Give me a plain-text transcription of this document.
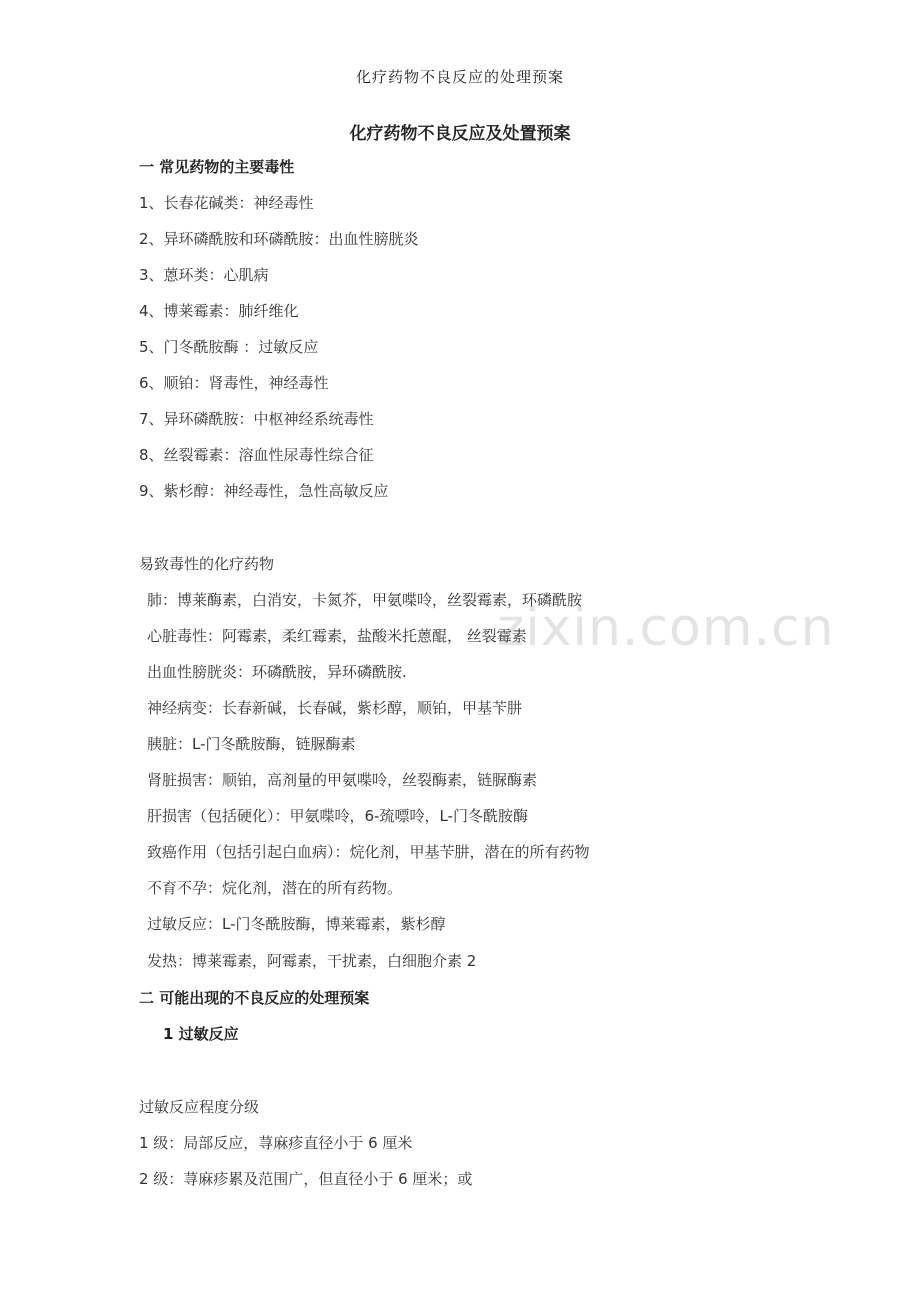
zixin.com.cn
化疗药物不良反应的处理预案
化疗药物不良反应及处置预案
一 常见药物的主要毒性
1、长春花碱类：神经毒性
2、异环磷酰胺和环磷酰胺：出血性膀胱炎
3、蒽环类：心肌病
4、博莱霉素：肺纤维化
5、门冬酰胺酶 ：过敏反应
6、顺铂：肾毒性，神经毒性
7、异环磷酰胺：中枢神经系统毒性
8、丝裂霉素：溶血性尿毒性综合征
9、紫杉醇：神经毒性，急性高敏反应
易致毒性的化疗药物
肺：博莱酶素，白消安，卡氮芥，甲氨喋呤，丝裂霉素，环磷酰胺
心脏毒性：阿霉素，柔红霉素，盐酸米托蒽醌， 丝裂霉素
出血性膀胱炎：环磷酰胺，异环磷酰胺.
神经病变：长春新碱，长春碱，紫杉醇，顺铂，甲基苄肼
胰脏：L-门冬酰胺酶，链脲酶素
肾脏损害：顺铂，高剂量的甲氨喋呤，丝裂酶素，链脲酶素
肝损害（包括硬化）：甲氨喋呤，6-巯嘌呤，L-门冬酰胺酶
致癌作用（包括引起白血病）：烷化剂，甲基苄肼，潜在的所有药物
不育不孕：烷化剂，潜在的所有药物。
过敏反应：L-门冬酰胺酶，博莱霉素，紫杉醇
发热：博莱霉素，阿霉素，干扰素，白细胞介素 2
二 可能出现的不良反应的处理预案
1 过敏反应
过敏反应程度分级
1 级：局部反应，荨麻疹直径小于 6 厘米
2 级：荨麻疹累及范围广，但直径小于 6 厘米；或
